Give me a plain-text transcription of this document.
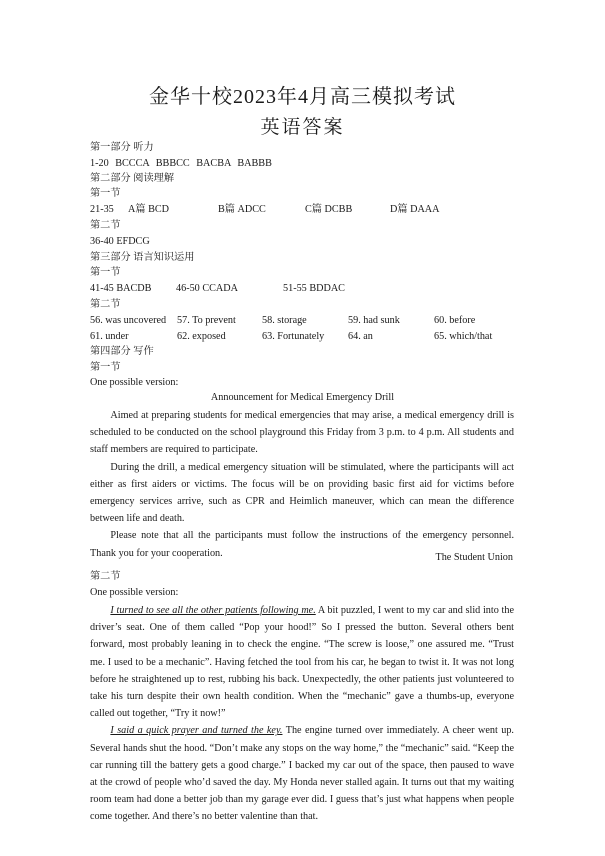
金华十校2023年4月高三模拟考试
英语答案
第一部分 听力
1-20 BCCCA BBBCC BACBA BABBB
第二部分 阅读理解
第一节
21-35 A篇 BCD	B篇 ADCC	C篇 DCBB	D篇 DAAA
第二节
36-40 EFDCG
第三部分 语言知识运用
第一节
41-45 BACDB 46-50 CCADA	51-55 BDDAC
第二节
56. was uncovered 57. To prevent	58. storage	59. had sunk	60. before
61. under	62. exposed	63. Fortunately 64. an	65. which/that
第四部分 写作
第一节
One possible version:
Announcement for Medical Emergency Drill

Aimed at preparing students for medical emergencies that may arise, a medical emergency drill is scheduled to be conducted on the school playground this Friday from 3 p.m. to 4 p.m. All students and staff members are required to participate.

During the drill, a medical emergency situation will be stimulated, where the participants will act either as first aiders or victims. The focus will be on providing basic first aid for victims before emergency services arrive, such as CPR and Heimlich maneuver, which can mean the difference between life and death.

Please note that all the participants must follow the instructions of the emergency personnel. Thank you for your cooperation.	The Student Union
第二节
One possible version:

I turned to see all the other patients following me. A bit puzzled, I went to my car and slid into the driver’s seat. One of them called “Pop your hood!” So I pressed the button. Several others bent forward, most probably leaning in to check the engine. “The screw is loose,” one assured me. “Trust me. I used to be a mechanic”. Having fetched the tool from his car, he began to twist it. It was not long before he straightened up to rest, rubbing his back. Unexpectedly, the other patients just volunteered to take his turn despite their own health condition. When the “mechanic” gave a thumbs-up, everyone called out together, “Try it now!”

I said a quick prayer and turned the key. The engine turned over immediately. A cheer went up. Several hands shut the hood. “Don’t make any stops on the way home,” the “mechanic” said. “Keep the car running till the battery gets a good charge.” I backed my car out of the space, then paused to wave at the crowd of people who’d saved the day. My Honda never stalled again. It turns out that my waiting room team had done a better job than my garage ever did. I guess that’s just what happens when people come together. And there’s no better valentine than that.
